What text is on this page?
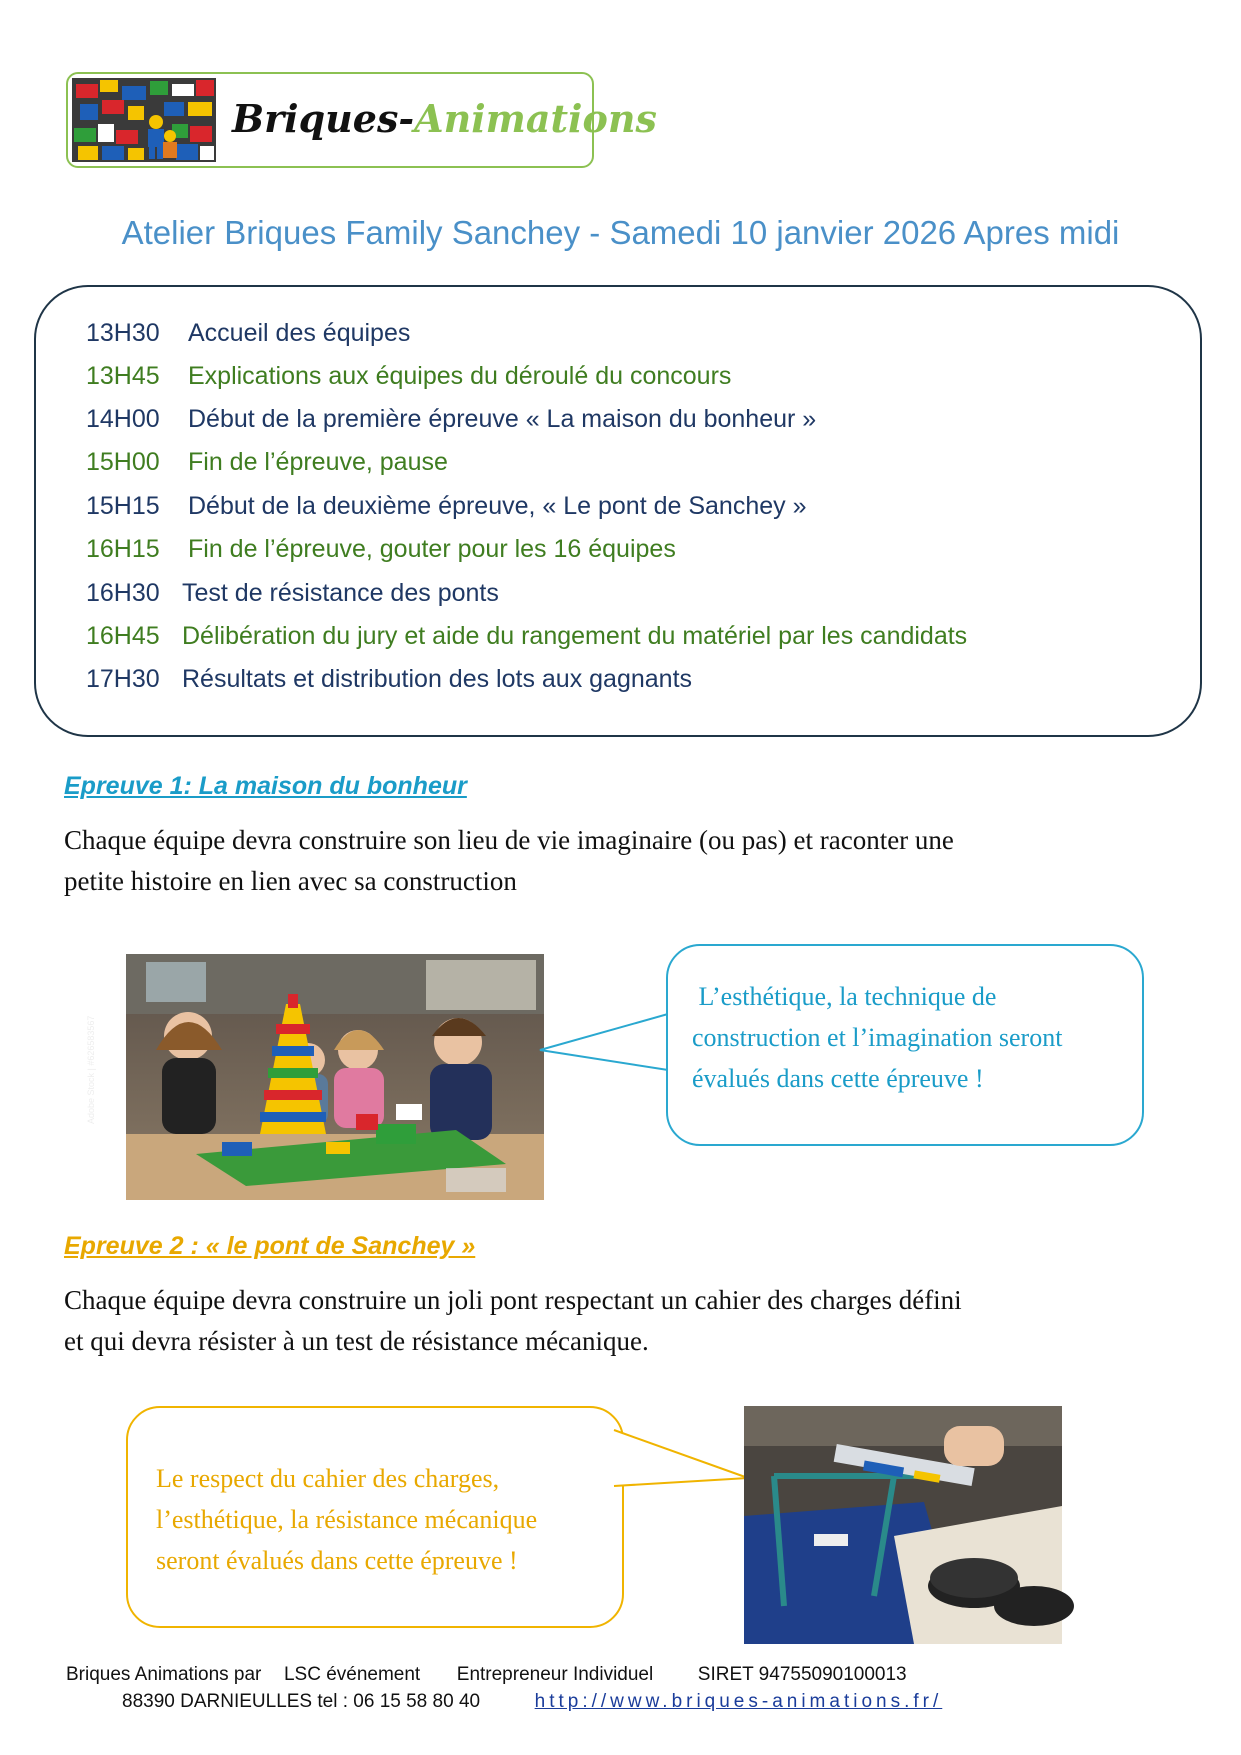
Briques-Animations
Atelier Briques Family Sanchey - Samedi 10 janvier 2026 Apres midi
13H30 Accueil des équipes
13H45 Explications aux équipes du déroulé du concours
14H00 Début de la première épreuve « La maison du bonheur »
15H00 Fin de l’épreuve, pause
15H15 Début de la deuxième épreuve, « Le pont de Sanchey »
16H15 Fin de l’épreuve, gouter pour les 16 équipes
16H30 Test de résistance des ponts
16H45 Délibération du jury et aide du rangement du matériel par les candidats
17H30 Résultats et distribution des lots aux gagnants
Epreuve 1: La maison du bonheur
Chaque équipe devra construire son lieu de vie imaginaire (ou pas) et raconter une
petite histoire en lien avec sa construction
Adobe Stock | #626583567
L’esthétique, la technique de
construction et l’imagination seront
évalués dans cette épreuve !
Epreuve 2 : « le pont de Sanchey »
Chaque équipe devra construire un joli pont respectant un cahier des charges défini
et qui devra résister à un test de résistance mécanique.
Le respect du cahier des charges,
l’esthétique, la résistance mécanique
seront évalués dans cette épreuve !
Briques Animations par LSC événement Entrepreneur Individuel SIRET 94755090100013
88390 DARNIEULLES tel : 06 15 58 80 40	http://www.briques-animations.fr/
